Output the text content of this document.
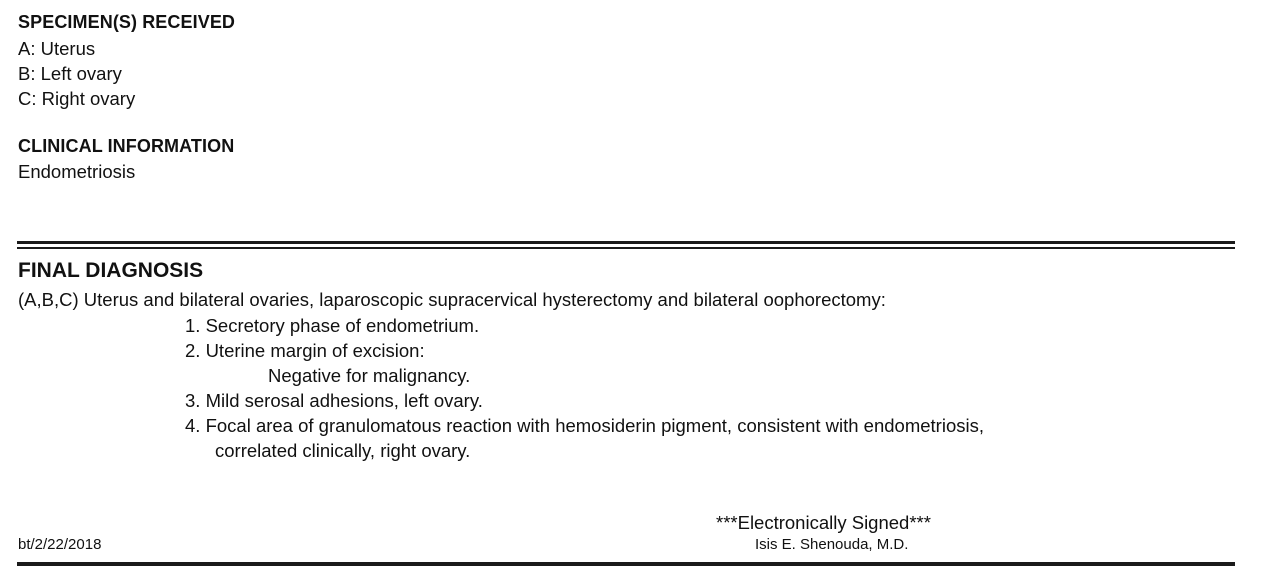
SPECIMEN(S) RECEIVED
A: Uterus
B: Left ovary
C: Right ovary
CLINICAL INFORMATION
Endometriosis
FINAL DIAGNOSIS
(A,B,C) Uterus and bilateral ovaries, laparoscopic supracervical hysterectomy and bilateral oophorectomy:
1. Secretory phase of endometrium.
2. Uterine margin of excision:
Negative for malignancy.
3. Mild serosal adhesions, left ovary.
4. Focal area of granulomatous reaction with hemosiderin pigment, consistent with endometriosis,
correlated clinically, right ovary.
***Electronically Signed***
bt/2/22/2018	Isis E. Shenouda, M.D.
